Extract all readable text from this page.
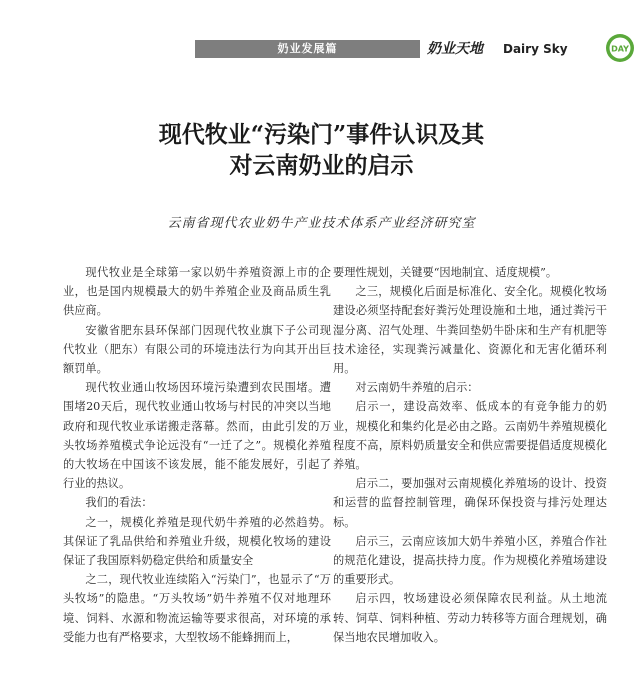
奶业发展篇	奶业天地 Dairy Sky	DAY
现代牧业“污染门”事件认识及其
对云南奶业的启示
云南省现代农业奶牛产业技术体系产业经济研究室

现代牧业是全球第一家以奶牛养殖资源上市的企业，也是国内规模最大的奶牛养殖企业及商品质生乳供应商。

安徽省肥东县环保部门因现代牧业旗下子公司现代牧业（肥东）有限公司的环境违法行为向其开出巨额罚单。

现代牧业通山牧场因环境污染遭到农民围堵。遭围堵20天后，现代牧业通山牧场与村民的冲突以当地政府和现代牧业承诺搬走落幕。然而，由此引发的万头牧场养殖模式争论远没有“一迁了之”。规模化养殖的大牧场在中国该不该发展，能不能发展好，引起了行业的热议。

我们的看法：

之一，规模化养殖是现代奶牛养殖的必然趋势。其保证了乳品供给和养殖业升级，规模化牧场的建设保证了我国原料奶稳定供给和质量安全

之二，现代牧业连续陷入“污染门”，也显示了“万头牧场”的隐患。“万头牧场”奶牛养殖不仅对地理环境、饲料、水源和物流运输等要求很高，对环境的承受能力也有严格要求，大型牧场不能蜂拥而上，

要理性规划，关键要“因地制宜、适度规模”。

之三，规模化后面是标准化、安全化。规模化牧场建设必须坚持配套好粪污处理设施和土地，通过粪污干湿分离、沼气处理、牛粪回垫奶牛卧床和生产有机肥等技术途径，实现粪污减量化、资源化和无害化循环利用。

对云南奶牛养殖的启示：

启示一，建设高效率、低成本的有竞争能力的奶业，规模化和集约化是必由之路。云南奶牛养殖规模化程度不高，原料奶质量安全和供应需要提倡适度规模化养殖。

启示二，要加强对云南规模化养殖场的设计、投资和运营的监督控制管理，确保环保投资与排污处理达标。

启示三，云南应该加大奶牛养殖小区，养殖合作社的规范化建设，提高扶持力度。作为规模化养殖场建设的重要形式。

启示四，牧场建设必须保障农民利益。从土地流转、饲草、饲料种植、劳动力转移等方面合理规划，确保当地农民增加收入。
